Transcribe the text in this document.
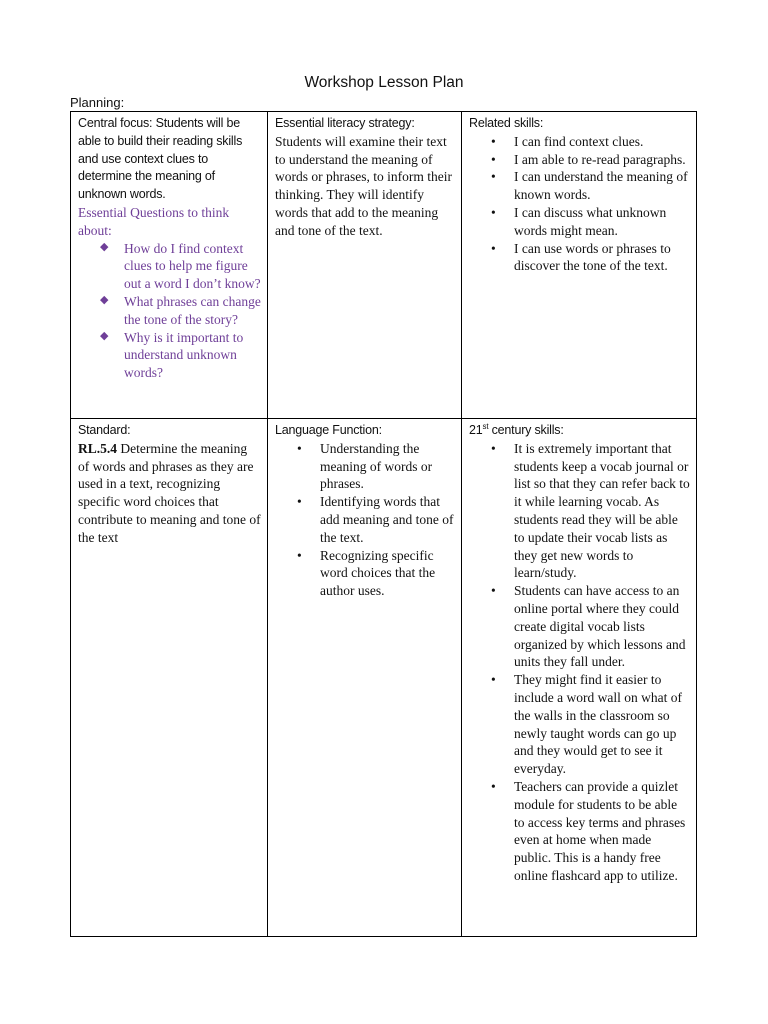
Workshop Lesson Plan
Planning:
Central focus: Students will be able to build their reading skills and use context clues to determine the meaning of unknown words.
Essential Questions to think about:
◆ How do I find context clues to help me figure out a word I don’t know?
◆ What phrases can change the tone of the story?
◆ Why is it important to understand unknown words?
Essential literacy strategy:
Students will examine their text to understand the meaning of words or phrases, to inform their thinking. They will identify words that add to the meaning and tone of the text.
Related skills:
• I can find context clues.
• I am able to re-read paragraphs.
• I can understand the meaning of known words.
• I can discuss what unknown words might mean.
• I can use words or phrases to discover the tone of the text.
Standard:
RL.5.4 Determine the meaning of words and phrases as they are used in a text, recognizing specific word choices that contribute to meaning and tone of the text
Language Function:
• Understanding the meaning of words or phrases.
• Identifying words that add meaning and tone of the text.
• Recognizing specific word choices that the author uses.
21st century skills:
• It is extremely important that students keep a vocab journal or list so that they can refer back to it while learning vocab. As students read they will be able to update their vocab lists as they get new words to learn/study.
• Students can have access to an online portal where they could create digital vocab lists organized by which lessons and units they fall under.
• They might find it easier to include a word wall on what of the walls in the classroom so newly taught words can go up and they would get to see it everyday.
• Teachers can provide a quizlet module for students to be able to access key terms and phrases even at home when made public. This is a handy free online flashcard app to utilize.
